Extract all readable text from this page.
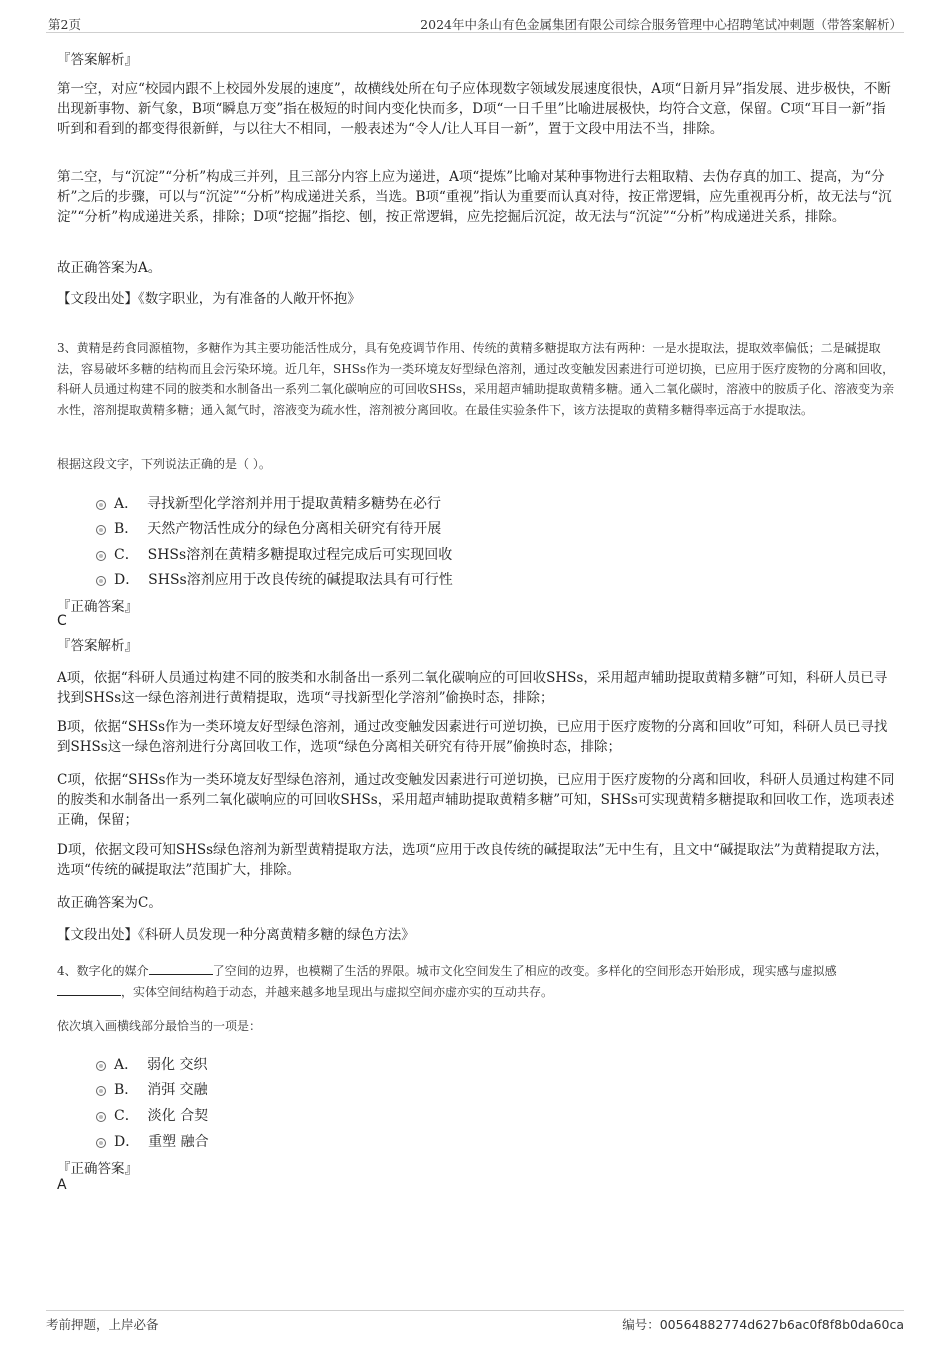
第2页	2024年中条山有色金属集团有限公司综合服务管理中心招聘笔试冲刺题（带答案解析）
『答案解析』
第一空，对应“校园内跟不上校园外发展的速度”，故横线处所在句子应体现数字领域发展速度很快，A项“日新月异”指发展、进步极快，不断出现新事物、新气象，B项“瞬息万变”指在极短的时间内变化快而多，D项“一日千里”比喻进展极快，均符合文意，保留。C项“耳目一新”指听到和看到的都变得很新鲜，与以往大不相同，一般表述为“令人/让人耳目一新”，置于文段中用法不当，排除。
第二空，与“沉淀”“分析”构成三并列，且三部分内容上应为递进，A项“提炼”比喻对某种事物进行去粗取精、去伪存真的加工、提高，为“分析”之后的步骤，可以与“沉淀”“分析”构成递进关系，当选。B项“重视”指认为重要而认真对待，按正常逻辑，应先重视再分析，故无法与“沉淀”“分析”构成递进关系，排除；D项“挖掘”指挖、刨，按正常逻辑，应先挖掘后沉淀，故无法与“沉淀”“分析”构成递进关系，排除。
故正确答案为A。
【文段出处】《数字职业，为有准备的人敞开怀抱》
3、黄精是药食同源植物，多糖作为其主要功能活性成分，具有免疫调节作用、传统的黄精多糖提取方法有两种：一是水提取法，提取效率偏低；二是碱提取法，容易破坏多糖的结构而且会污染环境。近几年，SHSs作为一类环境友好型绿色溶剂，通过改变触发因素进行可逆切换，已应用于医疗废物的分离和回收，科研人员通过构建不同的胺类和水制备出一系列二氧化碳响应的可回收SHSs，采用超声辅助提取黄精多糖。通入二氧化碳时，溶液中的胺质子化、溶液变为亲水性，溶剂提取黄精多糖；通入氮气时，溶液变为疏水性，溶剂被分离回收。在最佳实验条件下，该方法提取的黄精多糖得率远高于水提取法。
根据这段文字，下列说法正确的是（ ）。
A． 寻找新型化学溶剂并用于提取黄精多糖势在必行
B． 天然产物活性成分的绿色分离相关研究有待开展
C． SHSs溶剂在黄精多糖提取过程完成后可实现回收
D． SHSs溶剂应用于改良传统的碱提取法具有可行性
『正确答案』
C
『答案解析』
A项，依据“科研人员通过构建不同的胺类和水制备出一系列二氧化碳响应的可回收SHSs，采用超声辅助提取黄精多糖”可知，科研人员已寻找到SHSs这一绿色溶剂进行黄精提取，选项“寻找新型化学溶剂”偷换时态，排除；
B项，依据“SHSs作为一类环境友好型绿色溶剂，通过改变触发因素进行可逆切换，已应用于医疗废物的分离和回收”可知，科研人员已寻找到SHSs这一绿色溶剂进行分离回收工作，选项“绿色分离相关研究有待开展”偷换时态，排除；
C项，依据“SHSs作为一类环境友好型绿色溶剂，通过改变触发因素进行可逆切换，已应用于医疗废物的分离和回收，科研人员通过构建不同的胺类和水制备出一系列二氧化碳响应的可回收SHSs，采用超声辅助提取黄精多糖”可知，SHSs可实现黄精多糖提取和回收工作，选项表述正确，保留；
D项，依据文段可知SHSs绿色溶剂为新型黄精提取方法，选项“应用于改良传统的碱提取法”无中生有，且文中“碱提取法”为黄精提取方法，选项“传统的碱提取法”范围扩大，排除。
故正确答案为C。
【文段出处】《科研人员发现一种分离黄精多糖的绿色方法》
4、数字化的媒介	了空间的边界，也模糊了生活的界限。城市文化空间发生了相应的改变。多样化的空间形态开始形成，现实感与虚拟感，实体空间结构趋于动态，并越来越多地呈现出与虚拟空间亦虚亦实的互动共存。
依次填入画横线部分最恰当的一项是：
A． 弱化 交织
B． 消弭 交融
C． 淡化 合契
D． 重塑 融合
『正确答案』
A
考前押题，上岸必备	编号：00564882774d627b6ac0f8f8b0da60ca
